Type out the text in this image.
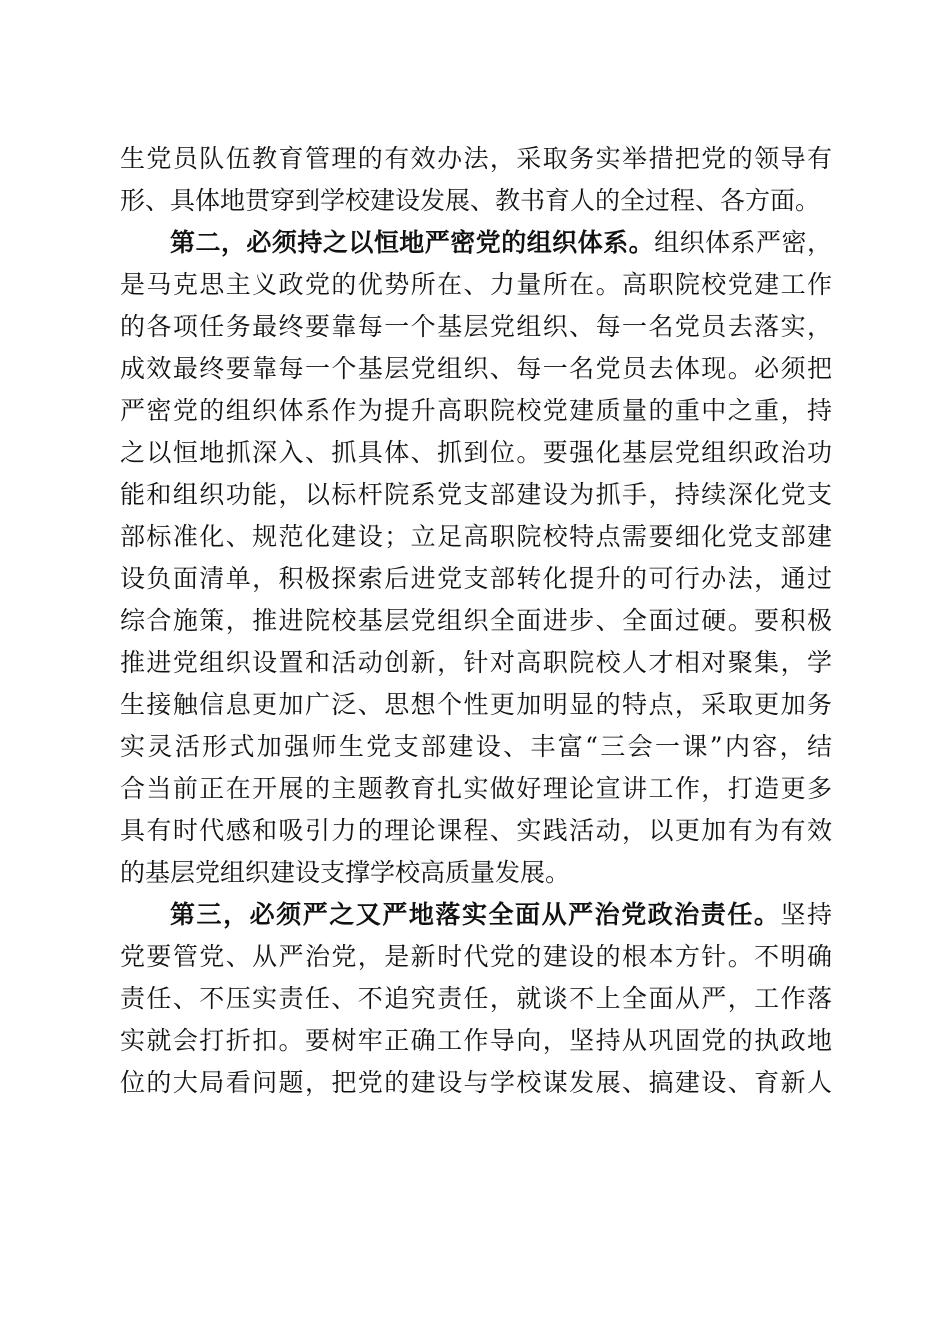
生党员队伍教育管理的有效办法，采取务实举措把党的领导有
形、具体地贯穿到学校建设发展、教书育人的全过程、各方面。
第二，必须持之以恒地严密党的组织体系。组织体系严密，
是马克思主义政党的优势所在、力量所在。高职院校党建工作
的各项任务最终要靠每一个基层党组织、每一名党员去落实，
成效最终要靠每一个基层党组织、每一名党员去体现。必须把
严密党的组织体系作为提升高职院校党建质量的重中之重，持
之以恒地抓深入、抓具体、抓到位。要强化基层党组织政治功
能和组织功能，以标杆院系党支部建设为抓手，持续深化党支
部标准化、规范化建设；立足高职院校特点需要细化党支部建
设负面清单，积极探索后进党支部转化提升的可行办法，通过
综合施策，推进院校基层党组织全面进步、全面过硬。要积极
推进党组织设置和活动创新，针对高职院校人才相对聚集，学
生接触信息更加广泛、思想个性更加明显的特点，采取更加务
实灵活形式加强师生党支部建设、丰富“三会一课”内容，结
合当前正在开展的主题教育扎实做好理论宣讲工作，打造更多
具有时代感和吸引力的理论课程、实践活动，以更加有为有效
的基层党组织建设支撑学校高质量发展。
第三，必须严之又严地落实全面从严治党政治责任。坚持
党要管党、从严治党，是新时代党的建设的根本方针。不明确
责任、不压实责任、不追究责任，就谈不上全面从严，工作落
实就会打折扣。要树牢正确工作导向，坚持从巩固党的执政地
位的大局看问题，把党的建设与学校谋发展、搞建设、育新人
